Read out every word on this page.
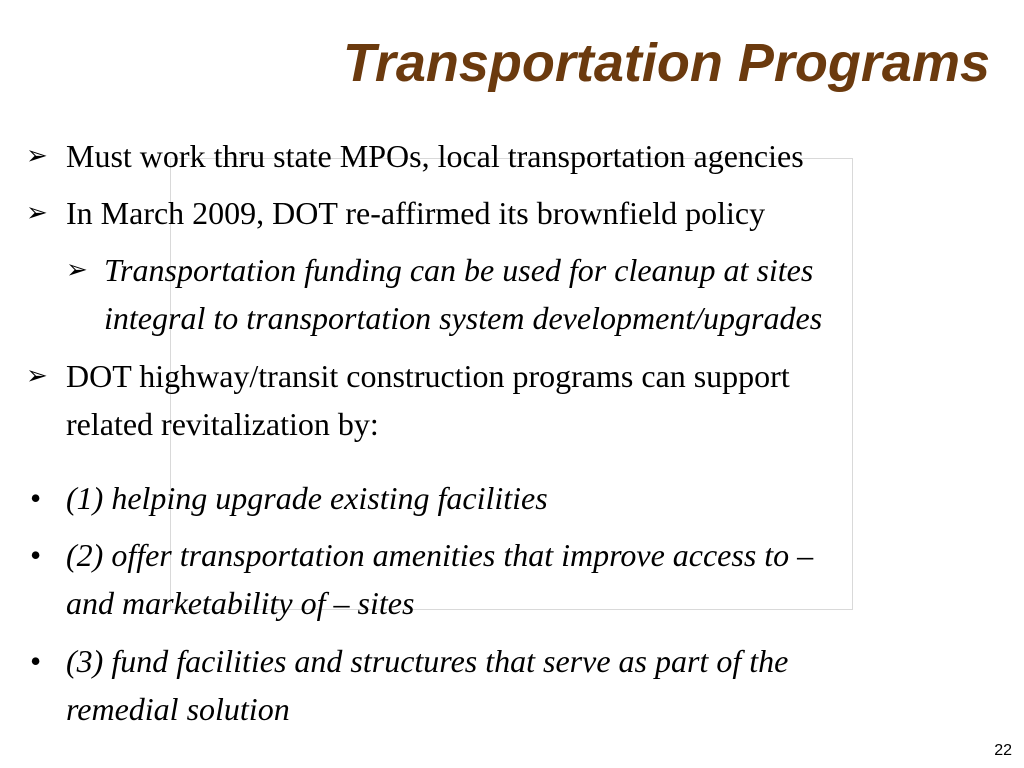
Transportation Programs
➢ Must work thru state MPOs, local transportation agencies
➢ In March 2009, DOT re-affirmed its brownfield policy
➢ Transportation funding can be used for cleanup at sites
integral to transportation system development/upgrades
➢ DOT highway/transit construction programs can support
related revitalization by:
• (1) helping upgrade existing facilities
• (2) offer transportation amenities that improve access to –
and marketability of – sites
• (3) fund facilities and structures that serve as part of the
remedial solution
22
